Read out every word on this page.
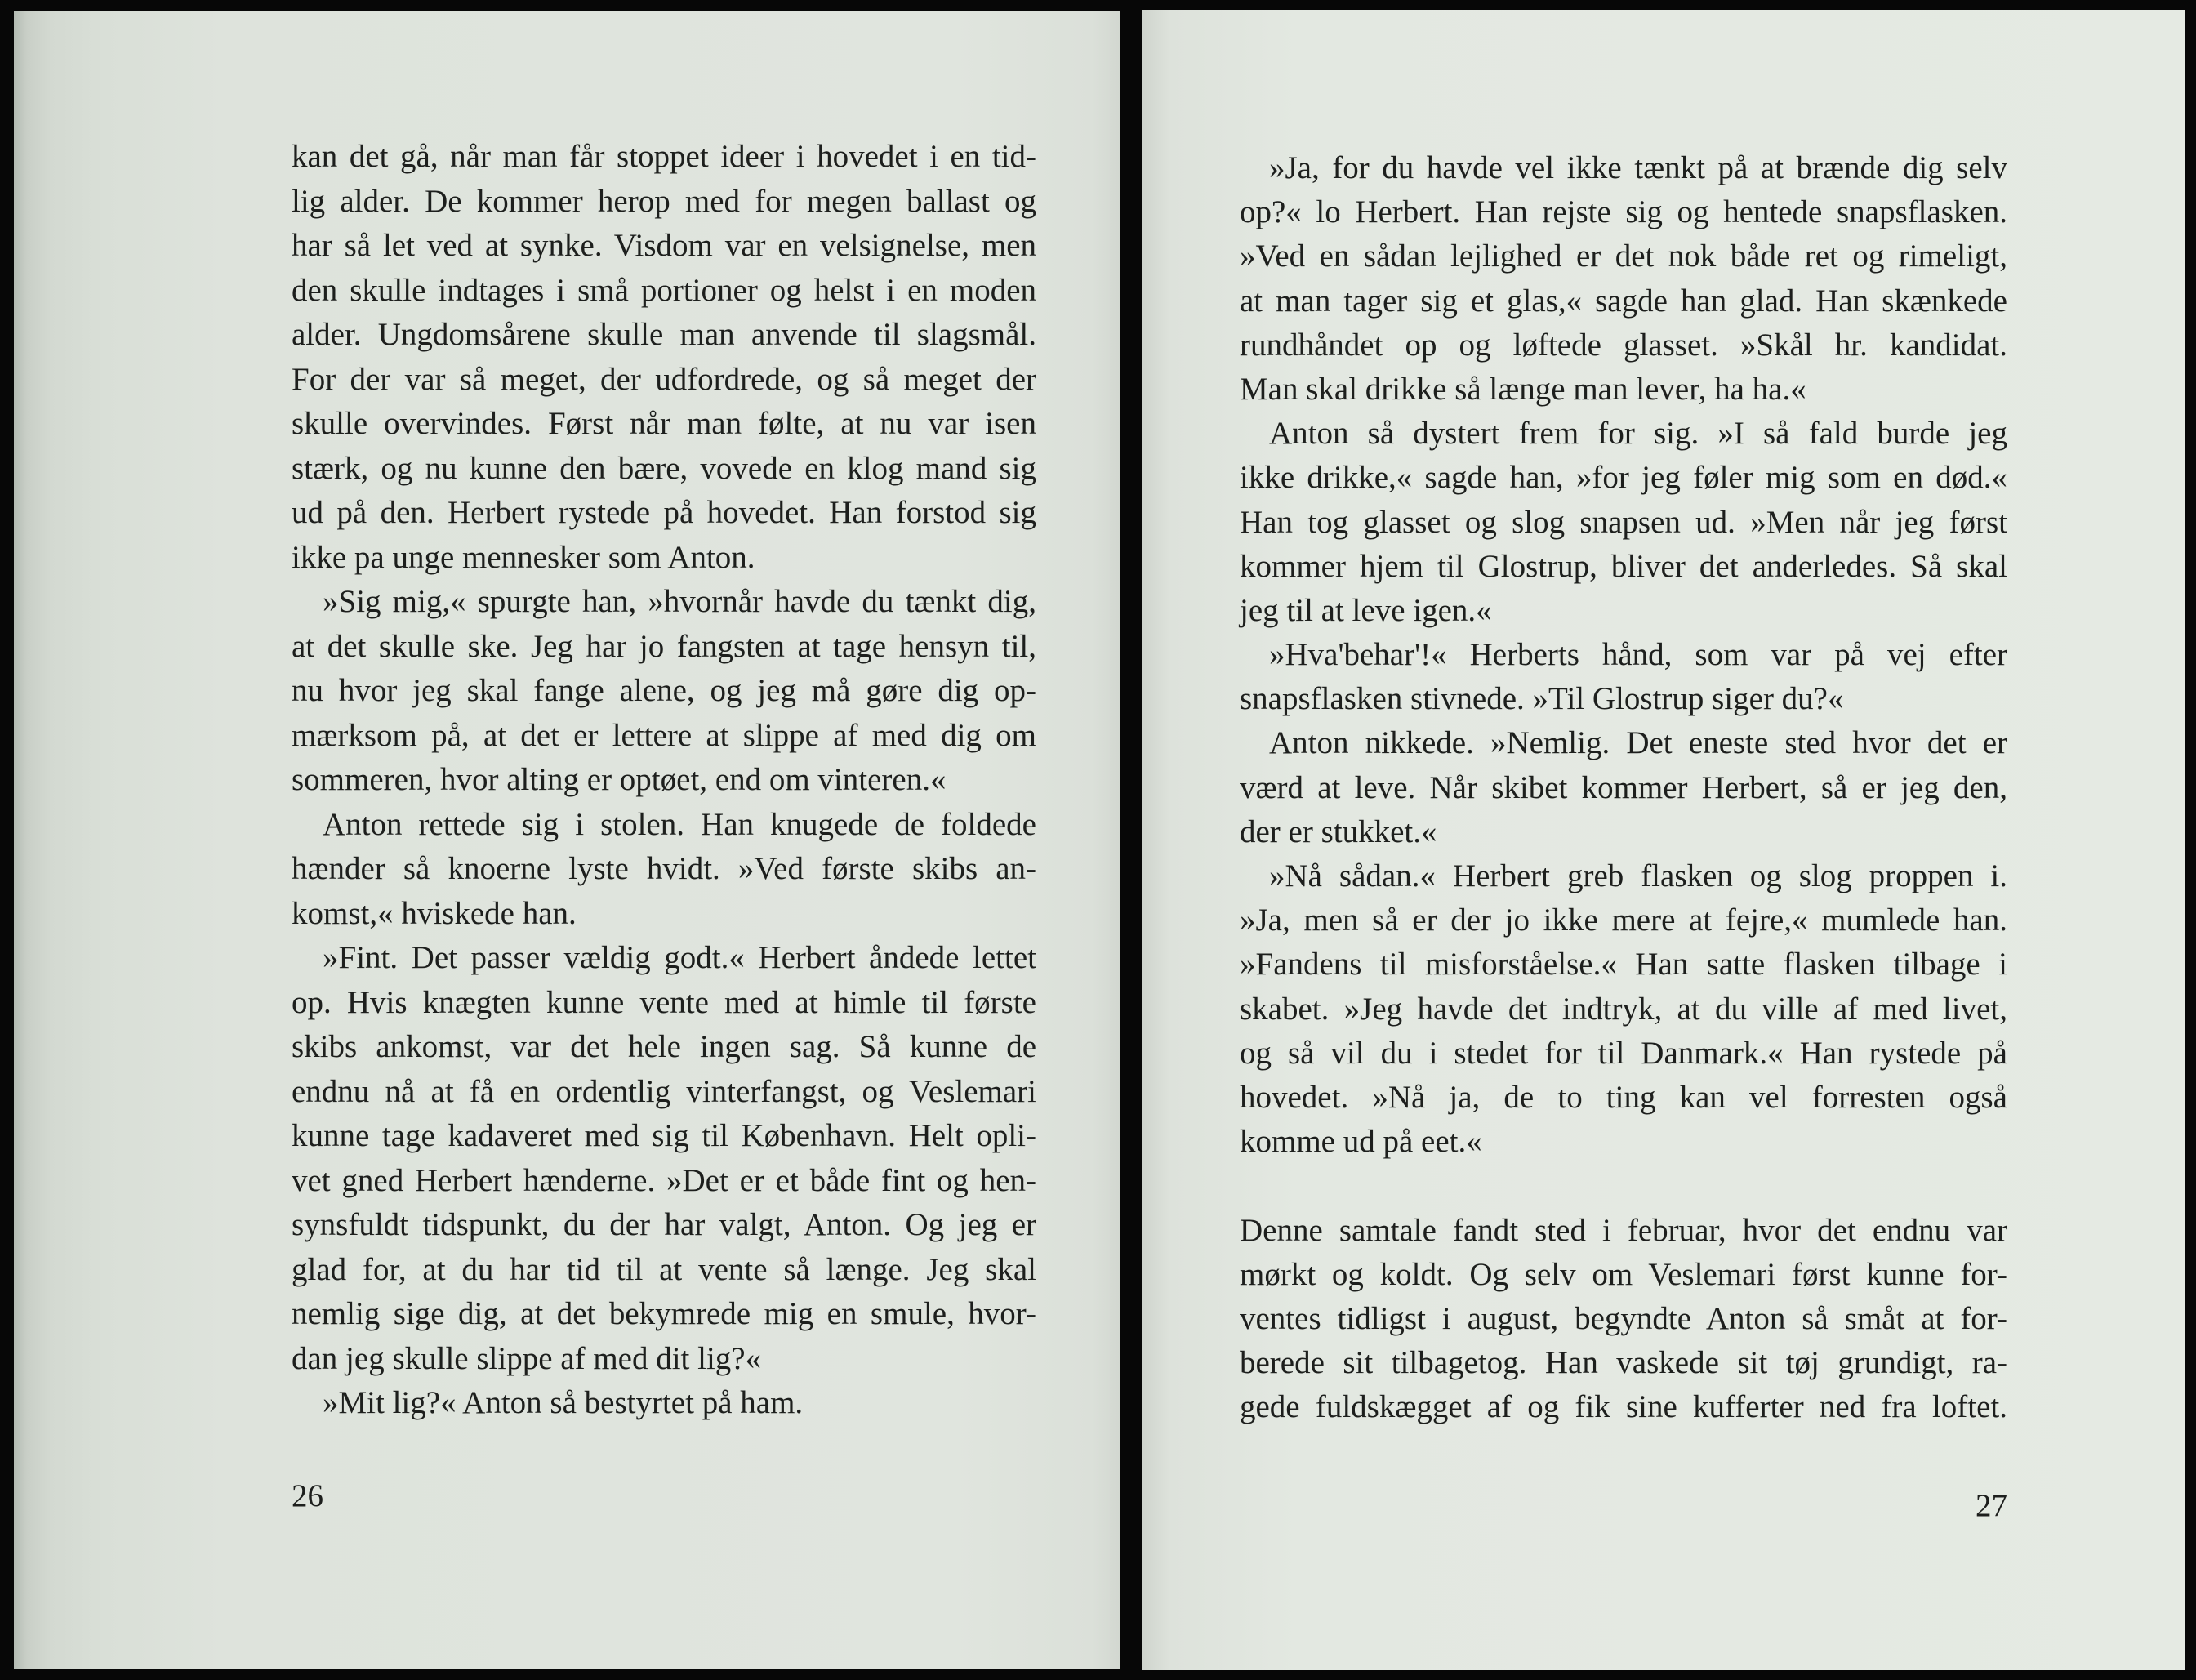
kan det gå, når man får stoppet ideer i hovedet i en tid-
lig alder. De kommer herop med for megen ballast og
har så let ved at synke. Visdom var en velsignelse, men
den skulle indtages i små portioner og helst i en moden
alder. Ungdomsårene skulle man anvende til slagsmål.
For der var så meget, der udfordrede, og så meget der
skulle overvindes. Først når man følte, at nu var isen
stærk, og nu kunne den bære, vovede en klog mand sig
ud på den. Herbert rystede på hovedet. Han forstod sig
ikke pa unge mennesker som Anton.
»Sig mig,« spurgte han, »hvornår havde du tænkt dig,
at det skulle ske. Jeg har jo fangsten at tage hensyn til,
nu hvor jeg skal fange alene, og jeg må gøre dig op-
mærksom på, at det er lettere at slippe af med dig om
sommeren, hvor alting er optøet, end om vinteren.«
Anton rettede sig i stolen. Han knugede de foldede
hænder så knoerne lyste hvidt. »Ved første skibs an-
komst,« hviskede han.
»Fint. Det passer vældig godt.« Herbert åndede lettet
op. Hvis knægten kunne vente med at himle til første
skibs ankomst, var det hele ingen sag. Så kunne de
endnu nå at få en ordentlig vinterfangst, og Veslemari
kunne tage kadaveret med sig til København. Helt opli-
vet gned Herbert hænderne. »Det er et både fint og hen-
synsfuldt tidspunkt, du der har valgt, Anton. Og jeg er
glad for, at du har tid til at vente så længe. Jeg skal
nemlig sige dig, at det bekymrede mig en smule, hvor-
dan jeg skulle slippe af med dit lig?«
»Mit lig?« Anton så bestyrtet på ham.
26
»Ja, for du havde vel ikke tænkt på at brænde dig selv
op?« lo Herbert. Han rejste sig og hentede snapsflasken.
»Ved en sådan lejlighed er det nok både ret og rimeligt,
at man tager sig et glas,« sagde han glad. Han skænkede
rundhåndet op og løftede glasset. »Skål hr. kandidat.
Man skal drikke så længe man lever, ha ha.«
Anton så dystert frem for sig. »I så fald burde jeg
ikke drikke,« sagde han, »for jeg føler mig som en død.«
Han tog glasset og slog snapsen ud. »Men når jeg først
kommer hjem til Glostrup, bliver det anderledes. Så skal
jeg til at leve igen.«
»Hva'behar'!« Herberts hånd, som var på vej efter
snapsflasken stivnede. »Til Glostrup siger du?«
Anton nikkede. »Nemlig. Det eneste sted hvor det er
værd at leve. Når skibet kommer Herbert, så er jeg den,
der er stukket.«
»Nå sådan.« Herbert greb flasken og slog proppen i.
»Ja, men så er der jo ikke mere at fejre,« mumlede han.
»Fandens til misforståelse.« Han satte flasken tilbage i
skabet. »Jeg havde det indtryk, at du ville af med livet,
og så vil du i stedet for til Danmark.« Han rystede på
hovedet. »Nå ja, de to ting kan vel forresten også
komme ud på eet.«
Denne samtale fandt sted i februar, hvor det endnu var
mørkt og koldt. Og selv om Veslemari først kunne for-
ventes tidligst i august, begyndte Anton så småt at for-
berede sit tilbagetog. Han vaskede sit tøj grundigt, ra-
gede fuldskægget af og fik sine kufferter ned fra loftet.
27
